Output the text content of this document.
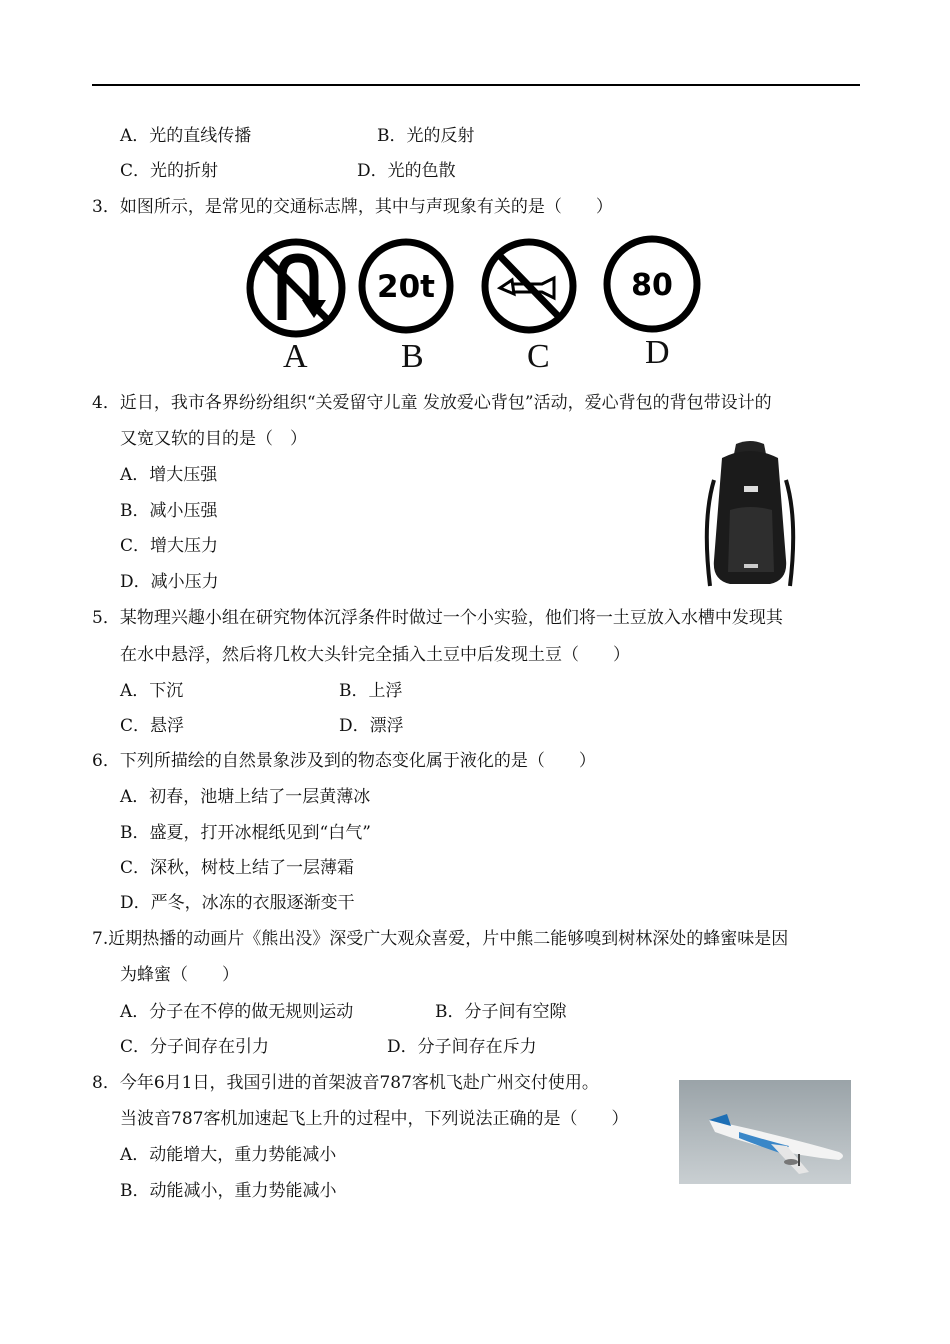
A．光的直线传播	B．光的反射
C．光的折射	D．光的色散
3．如图所示，是常见的交通标志牌，其中与声现象有关的是（　　）
20t	80
A	B	C	D
4．近日，我市各界纷纷组织“关爱留守儿童 发放爱心背包”活动，爱心背包的背包带设计的
又宽又软的目的是（　）
A．增大压强
B．减小压强
C．增大压力
D．减小压力
5．某物理兴趣小组在研究物体沉浮条件时做过一个小实验，他们将一土豆放入水槽中发现其
在水中悬浮，然后将几枚大头针完全插入土豆中后发现土豆（　　）
A．下沉	B．上浮
C．悬浮	D．漂浮
6．下列所描绘的自然景象涉及到的物态变化属于液化的是（　　）
A．初春，池塘上结了一层黄薄冰
B．盛夏，打开冰棍纸见到“白气”
C．深秋，树枝上结了一层薄霜
D．严冬，冰冻的衣服逐渐变干
7.近期热播的动画片《熊出没》深受广大观众喜爱，片中熊二能够嗅到树林深处的蜂蜜味是因
为蜂蜜（　　）
A．分子在不停的做无规则运动	B．分子间有空隙
C．分子间存在引力	D．分子间存在斥力
8．今年6月1日，我国引进的首架波音787客机飞赴广州交付使用。
当波音787客机加速起飞上升的过程中，下列说法正确的是（　　）
A．动能增大，重力势能减小
B．动能减小，重力势能减小
